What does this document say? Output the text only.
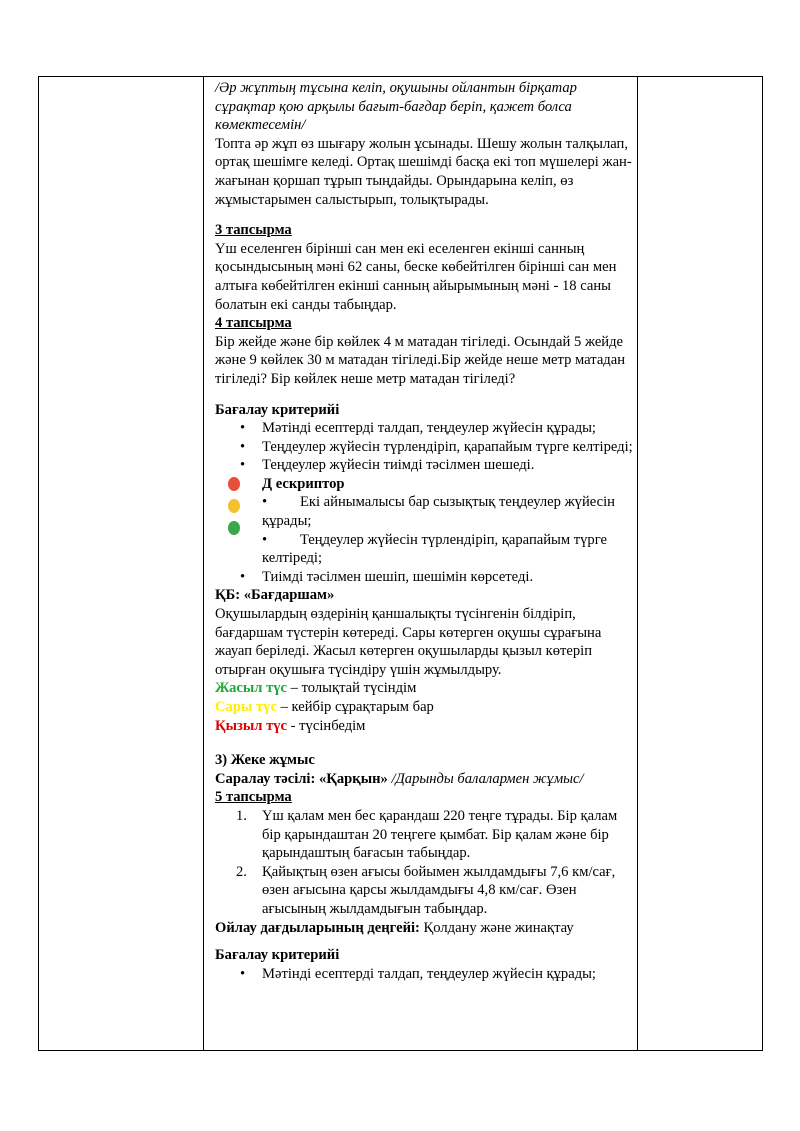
/Әр жұптың тұсына келіп, оқушыны ойлантын бірқатар сұрақтар қою арқылы бағыт-бағдар беріп, қажет болса көмектесемін/

Топта әр жұп өз шығару жолын ұсынады. Шешу жолын талқылап, ортақ шешімге келеді. Ортақ шешімді басқа екі топ мүшелері жан-жағынан қоршап тұрып тыңдайды. Орындарына келіп, өз жұмыстарымен салыстырып, толықтырады.

3 тапсырма

Үш еселенген бірінші сан мен екі еселенген екінші санның қосындысының мәні 62 саны, беске көбейтілген бірінші сан мен алтыға көбейтілген екінші санның айырымының мәні - 18 саны болатын екі санды табыңдар.

4 тапсырма

Бір жейде және бір көйлек 4 м матадан тігіледі. Осындай 5 жейде және 9 көйлек 30 м матадан тігіледі.Бір жейде неше метр матадан тігіледі? Бір көйлек неше метр матадан тігіледі?

Бағалау критерийі

• Мәтінді есептерді талдап, теңдеулер жүйесін құрады;
• Теңдеулер жүйесін түрлендіріп, қарапайым түрге келтіреді;
• Теңдеулер жүйесін тиімді тәсілмен шешеді.

Д ескриптор

•         Екі айнымалысы бар сызықтық теңдеулер жүйесін құрады;

•         Теңдеулер жүйесін түрлендіріп, қарапайым түрге келтіреді;

• Тиімді тәсілмен шешіп, шешімін көрсетеді.

ҚБ: «Бағдаршам»

Оқушылардың өздерінің қаншалықты түсінгенін білдіріп, бағдаршам түстерін көтереді. Сары көтерген оқушы сұрағына жауап беріледі. Жасыл көтерген оқушыларды қызыл көтеріп отырған оқушыға түсіндіру үшін жұмылдыру.

Жасыл түс – толықтай түсіндім

Сары түс – кейбір сұрақтарым бар

Қызыл түс - түсінбедім

3) Жеке жұмыс

Саралау тәсілі: «Қарқын» /Дарынды балалармен жұмыс/

5 тапсырма

1. Үш қалам мен бес қарандаш 220 теңге тұрады. Бір қалам бір қарындаштан 20 теңгеге қымбат. Бір қалам және бір қарындаштың бағасын табыңдар.
2. Қайықтың өзен ағысы бойымен жылдамдығы 7,6 км/сағ, өзен ағысына қарсы жылдамдығы 4,8 км/сағ. Өзен ағысының жылдамдығын табыңдар.

Ойлау дағдыларының деңгейі: Қолдану және жинақтау

Бағалау критерийі

• Мәтінді есептерді талдап, теңдеулер жүйесін құрады;
